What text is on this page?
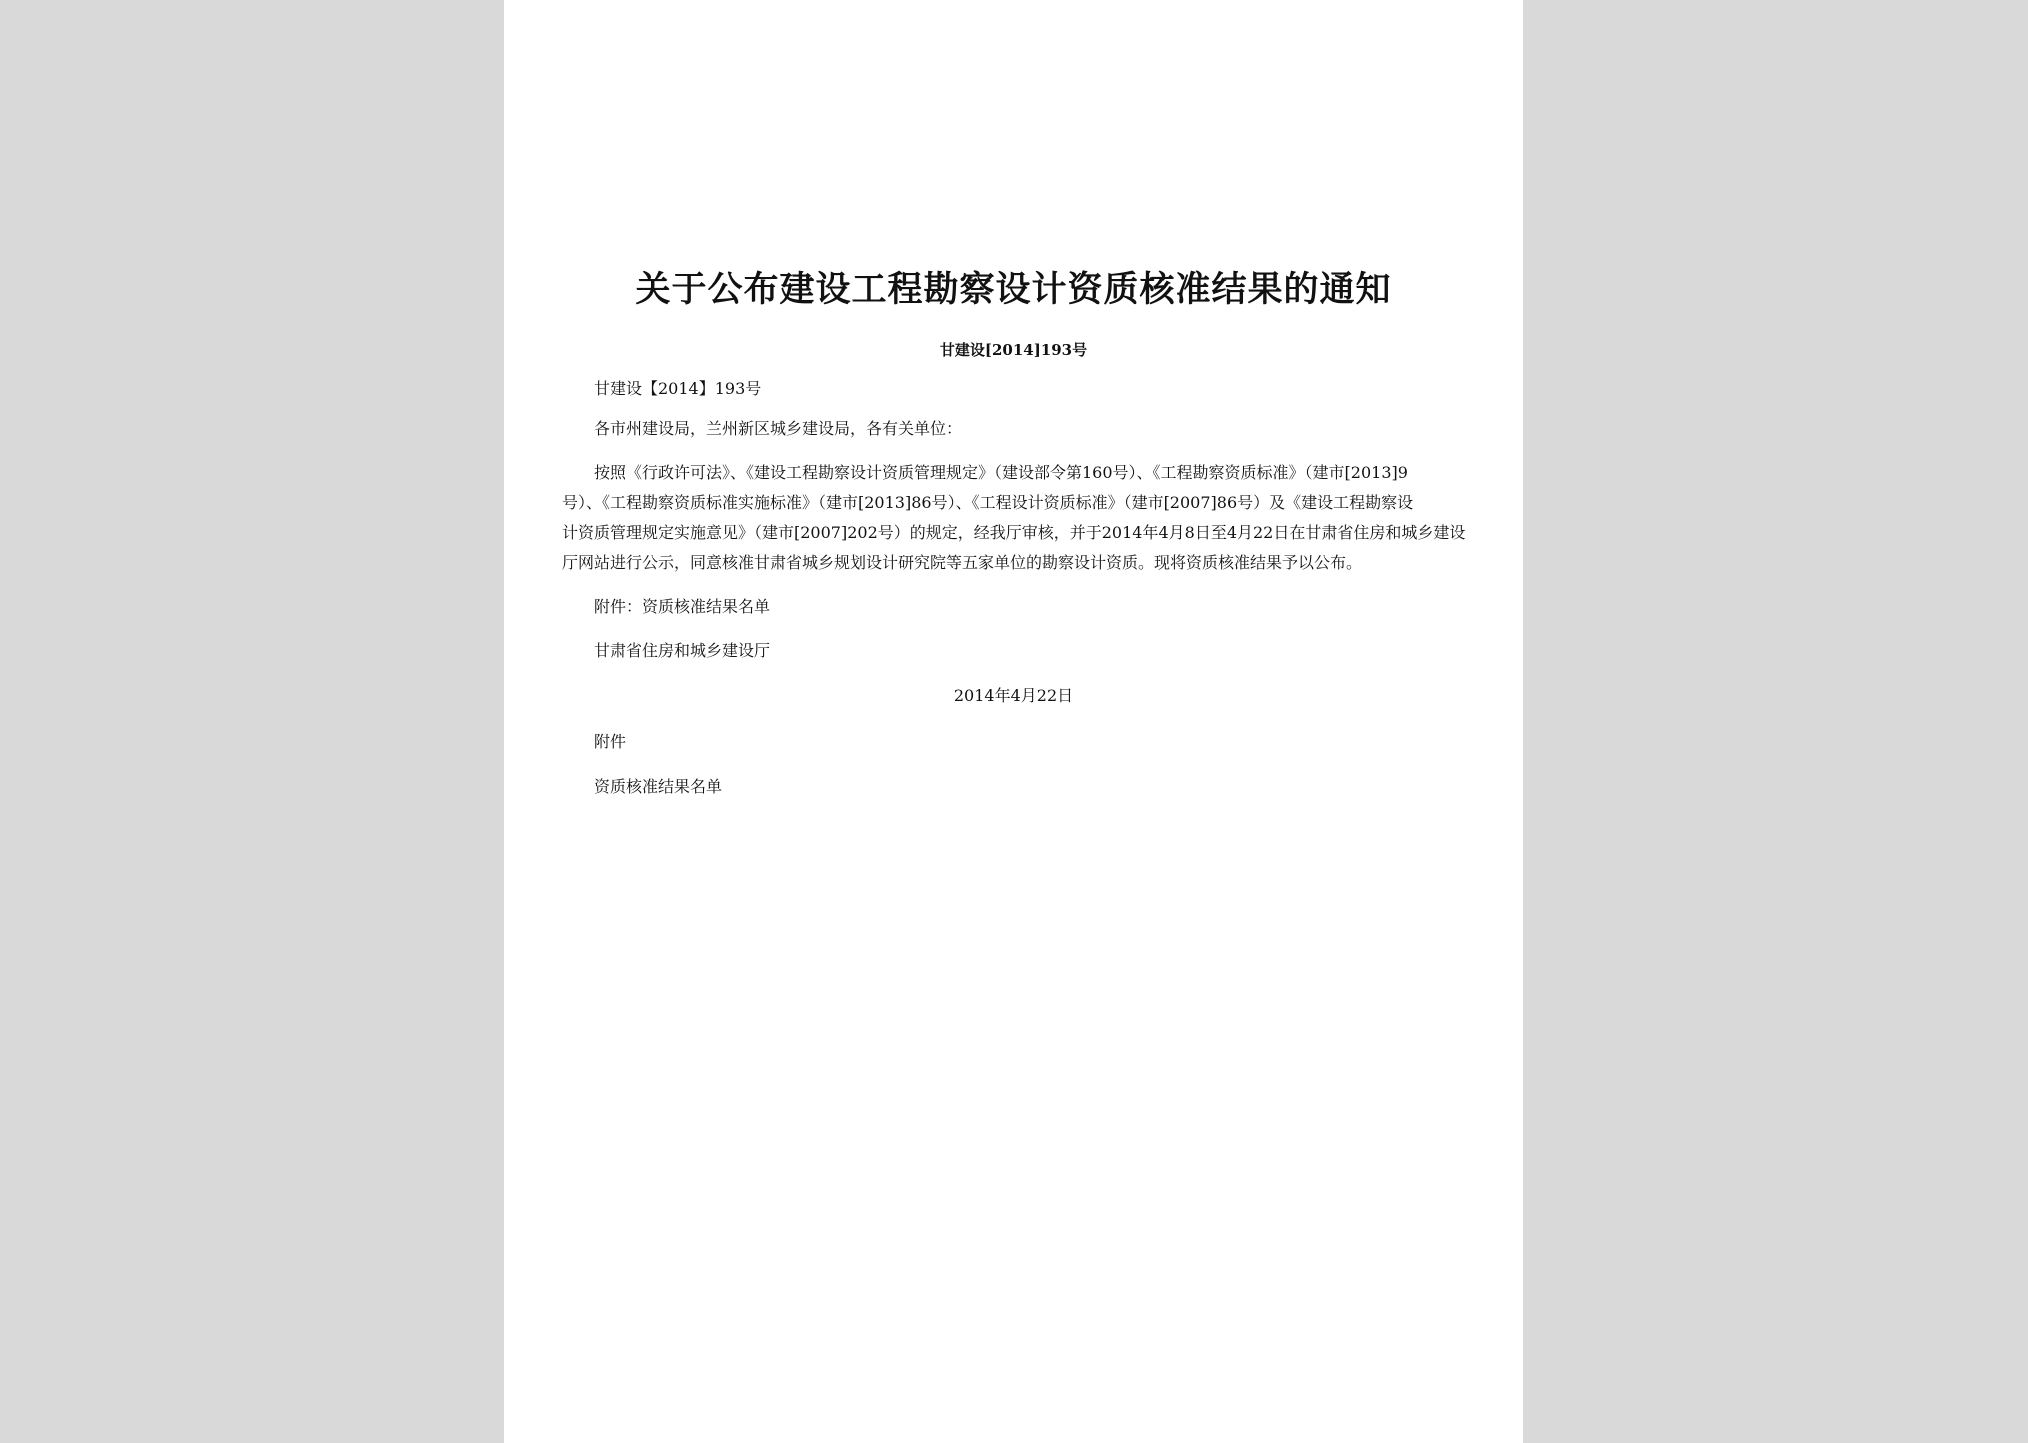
关于公布建设工程勘察设计资质核准结果的通知
甘建设[2014]193号
甘建设【2014】193号
各市州建设局，兰州新区城乡建设局，各有关单位：
按照《行政许可法》、《建设工程勘察设计资质管理规定》（建设部令第160号）、《工程勘察资质标准》（建市[2013]9
号）、《工程勘察资质标准实施标准》（建市[2013]86号）、《工程设计资质标准》（建市[2007]86号）及《建设工程勘察设
计资质管理规定实施意见》（建市[2007]202号）的规定，经我厅审核，并于2014年4月8日至4月22日在甘肃省住房和城乡建设
厅网站进行公示，同意核准甘肃省城乡规划设计研究院等五家单位的勘察设计资质。现将资质核准结果予以公布。
附件：资质核准结果名单
甘肃省住房和城乡建设厅
2014年4月22日
附件
资质核准结果名单
